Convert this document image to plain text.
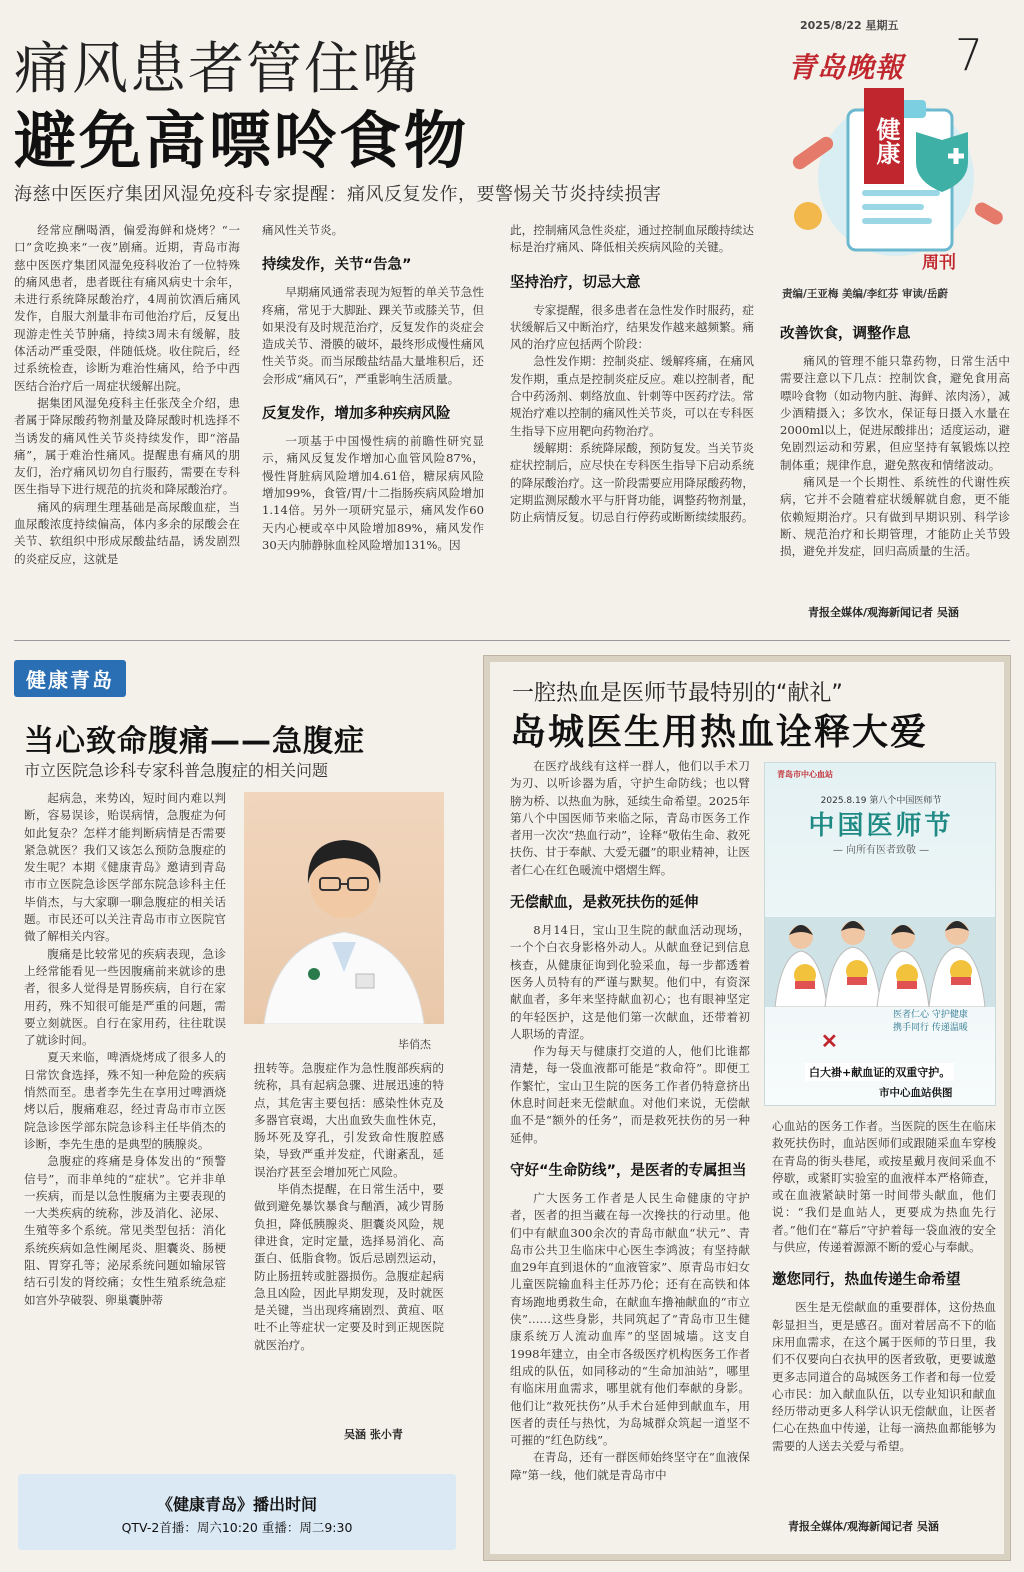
痛风患者管住嘴
避免高嘌呤食物
海慈中医医疗集团风湿免疫科专家提醒：痛风反复发作，要警惕关节炎持续损害
2025/8/22 星期五
7
青岛晚報
健康
周刊
责编/王亚梅 美编/李红芬 审读/岳蔚

经常应酬喝酒，偏爱海鲜和烧烤？“一口”贪吃换来“一夜”剧痛。近期，青岛市海慈中医医疗集团风湿免疫科收治了一位特殊的痛风患者，患者既往有痛风病史十余年，未进行系统降尿酸治疗，4周前饮酒后痛风发作，自服大剂量非布司他治疗后，反复出现游走性关节肿痛，持续3周未有缓解，肢体活动严重受限，伴随低烧。收住院后，经过系统检查，诊断为难治性痛风，给予中西医结合治疗后一周症状缓解出院。

据集团风湿免疫科主任张茂全介绍，患者属于降尿酸药物剂量及降尿酸时机选择不当诱发的痛风性关节炎持续发作，即“溶晶痛”，属于难治性痛风。提醒患有痛风的朋友们，治疗痛风切勿自行服药，需要在专科医生指导下进行规范的抗炎和降尿酸治疗。

痛风的病理生理基础是高尿酸血症，当血尿酸浓度持续偏高，体内多余的尿酸会在关节、软组织中形成尿酸盐结晶，诱发剧烈的炎症反应，这就是

痛风性关节炎。

持续发作，关节“告急”

早期痛风通常表现为短暂的单关节急性疼痛，常见于大脚趾、踝关节或膝关节，但如果没有及时规范治疗，反复发作的炎症会造成关节、滑膜的破坏，最终形成慢性痛风性关节炎。而当尿酸盐结晶大量堆积后，还会形成“痛风石”，严重影响生活质量。

反复发作，增加多种疾病风险

一项基于中国慢性病的前瞻性研究显示，痛风反复发作增加心血管风险87%，慢性肾脏病风险增加4.61倍，糖尿病风险增加99%，食管/胃/十二指肠疾病风险增加1.14倍。另外一项研究显示，痛风发作60天内心梗或卒中风险增加89%，痛风发作30天内肺静脉血栓风险增加131%。因

此，控制痛风急性炎症，通过控制血尿酸持续达标是治疗痛风、降低相关疾病风险的关键。

坚持治疗，切忌大意

专家提醒，很多患者在急性发作时服药，症状缓解后又中断治疗，结果发作越来越频繁。痛风的治疗应包括两个阶段：

急性发作期：控制炎症、缓解疼痛，在痛风发作期，重点是控制炎症反应。难以控制者，配合中药汤剂、刺络放血、针刺等中医药疗法。常规治疗难以控制的痛风性关节炎，可以在专科医生指导下应用靶向药物治疗。

缓解期：系统降尿酸，预防复发。当关节炎症状控制后，应尽快在专科医生指导下启动系统的降尿酸治疗。这一阶段需要应用降尿酸药物，定期监测尿酸水平与肝肾功能，调整药物剂量，防止病情反复。切忌自行停药或断断续续服药。

改善饮食，调整作息

痛风的管理不能只靠药物，日常生活中需要注意以下几点：控制饮食，避免食用高嘌呤食物（如动物内脏、海鲜、浓肉汤），减少酒精摄入；多饮水，保证每日摄入水量在2000ml以上，促进尿酸排出；适度运动，避免剧烈运动和劳累，但应坚持有氧锻炼以控制体重；规律作息，避免熬夜和情绪波动。

痛风是一个长期性、系统性的代谢性疾病，它并不会随着症状缓解就自愈，更不能依赖短期治疗。只有做到早期识别、科学诊断、规范治疗和长期管理，才能防止关节毁损，避免并发症，回归高质量的生活。

青报全媒体/观海新闻记者 吴涵
健康青岛
当心致命腹痛——急腹症
市立医院急诊科专家科普急腹症的相关问题

起病急，来势凶，短时间内难以判断，容易误诊，贻误病情，急腹症为何如此复杂？怎样才能判断病情是否需要紧急就医？我们又该怎么预防急腹症的发生呢？本期《健康青岛》邀请到青岛市市立医院急诊医学部东院急诊科主任毕俏杰，与大家聊一聊急腹症的相关话题。市民还可以关注青岛市市立医院官微了解相关内容。

腹痛是比较常见的疾病表现，急诊上经常能看见一些因腹痛前来就诊的患者，很多人觉得是胃肠疾病，自行在家用药，殊不知很可能是严重的问题，需要立刻就医。自行在家用药，往往耽误了就诊时间。

夏天来临，啤酒烧烤成了很多人的日常饮食选择，殊不知一种危险的疾病悄然而至。患者李先生在享用过啤酒烧烤以后，腹痛难忍，经过青岛市市立医院急诊医学部东院急诊科主任毕俏杰的诊断，李先生患的是典型的胰腺炎。

急腹症的疼痛是身体发出的“预警信号”，而非单纯的“症状”。它并非单一疾病，而是以急性腹痛为主要表现的一大类疾病的统称，涉及消化、泌尿、生殖等多个系统。常见类型包括：消化系统疾病如急性阑尾炎、胆囊炎、肠梗阻、胃穿孔等；泌尿系统问题如输尿管结石引发的肾绞痛；女性生殖系统急症如宫外孕破裂、卵巢囊肿蒂

毕俏杰

扭转等。急腹症作为急性腹部疾病的统称，具有起病急骤、进展迅速的特点，其危害主要包括：感染性休克及多器官衰竭，大出血致失血性休克，肠坏死及穿孔，引发致命性腹腔感染，导致严重并发症，代谢紊乱，延误治疗甚至会增加死亡风险。

毕俏杰提醒，在日常生活中，要做到避免暴饮暴食与酗酒，减少胃肠负担，降低胰腺炎、胆囊炎风险，规律进食，定时定量，选择易消化、高蛋白、低脂食物。饭后忌剧烈运动，防止肠扭转或脏器损伤。急腹症起病急且凶险，因此早期发现，及时就医是关键，当出现疼痛剧烈、黄疸、呕吐不止等症状一定要及时到正规医院就医治疗。

吴涵 张小青
《健康青岛》播出时间
QTV-2首播：周六10:20 重播：周二9:30
一腔热血是医师节最特别的“献礼”
岛城医生用热血诠释大爱

在医疗战线有这样一群人，他们以手术刀为刃、以听诊器为盾，守护生命防线；也以臂膀为桥、以热血为脉，延续生命希望。2025年第八个中国医师节来临之际，青岛市医务工作者用一次次“热血行动”，诠释“敬佑生命、救死扶伤、甘于奉献、大爱无疆”的职业精神，让医者仁心在红色暖流中熠熠生辉。

无偿献血，是救死扶伤的延伸

8月14日，宝山卫生院的献血活动现场，一个个白衣身影格外动人。从献血登记到信息核查，从健康征询到化验采血，每一步都透着医务人员特有的严谨与默契。他们中，有资深献血者，多年来坚持献血初心；也有眼神坚定的年轻医护，这是他们第一次献血，还带着初人职场的青涩。

作为每天与健康打交道的人，他们比谁都清楚，每一袋血液都可能是“救命符”。即便工作繁忙，宝山卫生院的医务工作者仍特意挤出休息时间赶来无偿献血。对他们来说，无偿献血不是“额外的任务”，而是救死扶伤的另一种延伸。

守好“生命防线”，是医者的专属担当

广大医务工作者是人民生命健康的守护者，医者的担当藏在每一次搀扶的行动里。他们中有献血300余次的青岛市献血“状元”、青岛市公共卫生临床中心医生李鸿波；有坚持献血29年直到退休的“血液管家”、原青岛市妇女儿童医院输血科主任苏乃伦；还有在高铁和体育场跑地勇救生命，在献血车撸袖献血的“市立侠”……这些身影，共同筑起了“青岛市卫生健康系统万人流动血库”的坚固城墙。这支自1998年建立，由全市各级医疗机构医务工作者组成的队伍，如同移动的“生命加油站”，哪里有临床用血需求，哪里就有他们奉献的身影。他们让“救死扶伤”从手术台延伸到献血车，用医者的责任与热忱，为岛城群众筑起一道坚不可摧的“红色防线”。

在青岛，还有一群医师始终坚守在“血液保障”第一线，他们就是青岛市中

青岛市中心血站
2025.8.19 第八个中国医师节
中国医师节
— 向所有医者致敬 —
医者仁心 守护健康
携手同行 传递温暖
✕
白大褂+献血证的双重守护。
市中心血站供图

心血站的医务工作者。当医院的医生在临床救死扶伤时，血站医师们或跟随采血车穿梭在青岛的街头巷尾，或按星戴月夜间采血不停歇，或紧盯实验室的血液样本严格筛查，或在血液紧缺时第一时间带头献血，他们说：“我们是血站人，更要成为热血先行者。”他们在“幕后”守护着每一袋血液的安全与供应，传递着源源不断的爱心与奉献。

邀您同行，热血传递生命希望

医生是无偿献血的重要群体，这份热血彰显担当，更是感召。面对着居高不下的临床用血需求，在这个属于医师的节日里，我们不仅要向白衣执甲的医者致敬，更要诚邀更多志同道合的岛城医务工作者和每一位爱心市民：加入献血队伍，以专业知识和献血经历带动更多人科学认识无偿献血，让医者仁心在热血中传递，让每一滴热血都能够为需要的人送去关爱与希望。

青报全媒体/观海新闻记者 吴涵
